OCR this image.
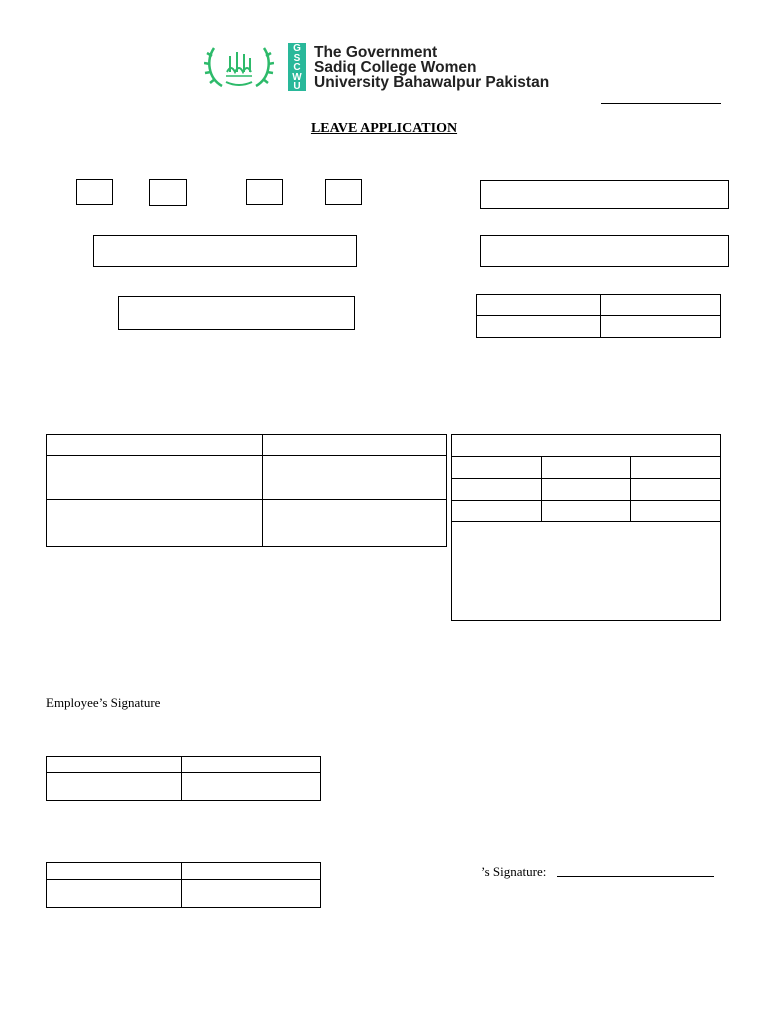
G
S
C
W
U
The Government
Sadiq College Women
University Bahawalpur Pakistan
LEAVE APPLICATION

Employee’s Signature

’s Signature:
